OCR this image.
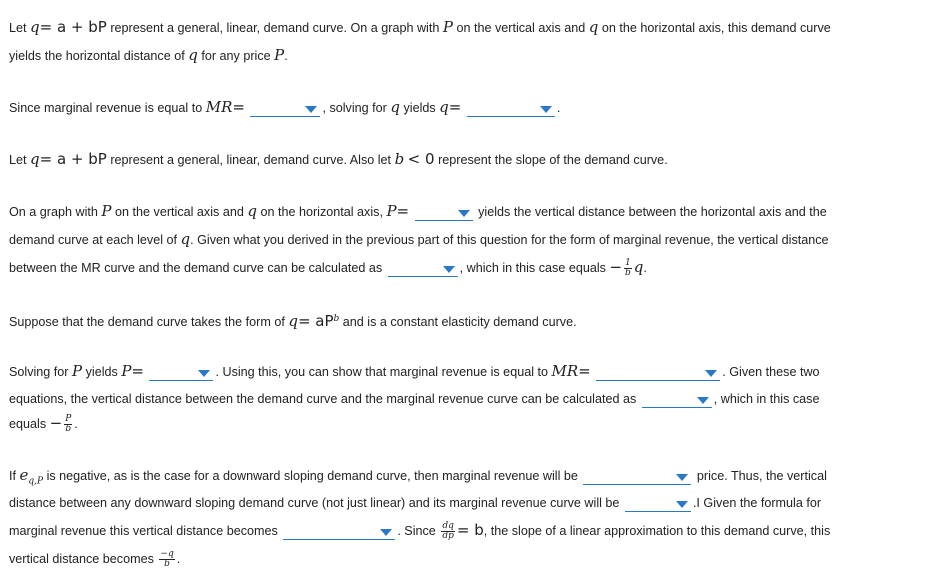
Let q= a + bP represent a general, linear, demand curve. On a graph with P on the vertical axis and q on the horizontal axis, this demand curve
yields the horizontal distance of q for any price P.
Since marginal revenue is equal to MR=	, solving for q yields q=	.
Let q= a + bP represent a general, linear, demand curve. Also let b < 0 represent the slope of the demand curve.
On a graph with P on the vertical axis and q on the horizontal axis, P=	yields the vertical distance between the horizontal axis and the
demand curve at each level of q. Given what you derived in the previous part of this question for the form of marginal revenue, the vertical distance
between the MR curve and the demand curve can be calculated as	, which in this case equals − $\frac{1}{b} q$.
Suppose that the demand curve takes the form of $q= aP^b$ and is a constant elasticity demand curve.
Solving for P yields P=	. Using this, you can show that marginal revenue is equal to MR=	. Given these two
equations, the vertical distance between the demand curve and the marginal revenue curve can be calculated as	, which in this case
equals − $\frac{P}{b}$ .
If $e_{q,P}$ is negative, as is the case for a downward sloping demand curve, then marginal revenue will be	price. Thus, the vertical
distance between any downward sloping demand curve (not just linear) and its marginal revenue curve will be	.I Given the formula for
marginal revenue this vertical distance becomes	. Since $\frac{dq}{dp} = b$, the slope of a linear approximation to this demand curve, this
vertical distance becomes $\frac{-q}{b}$ .
